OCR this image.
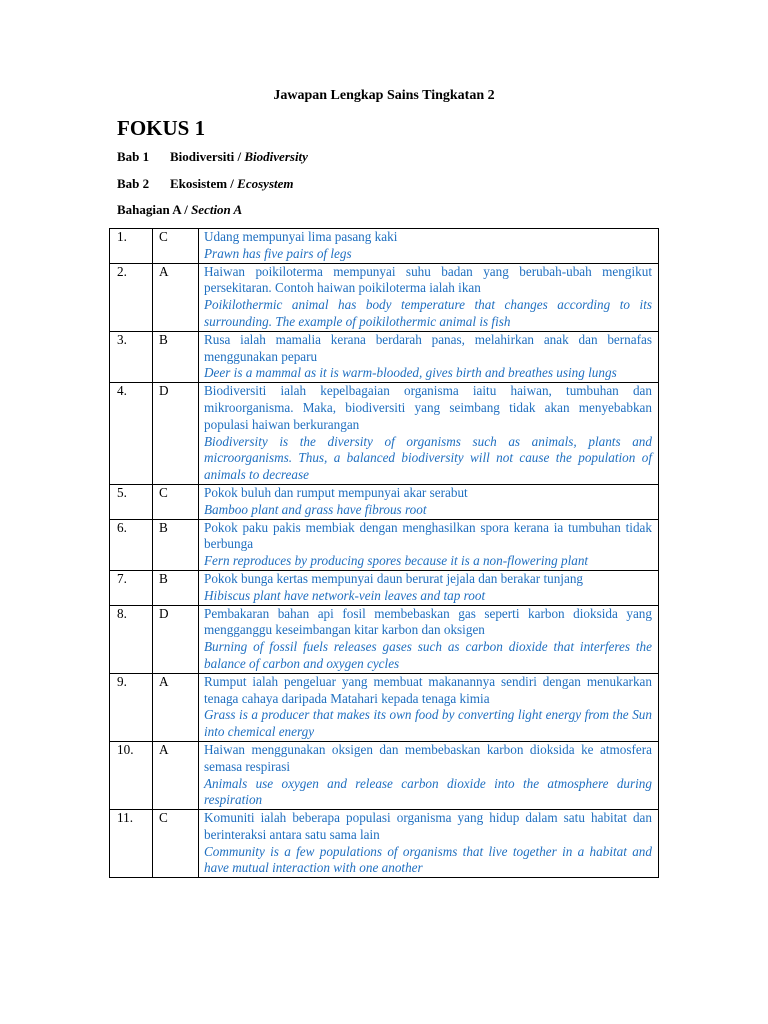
Jawapan Lengkap Sains Tingkatan 2
FOKUS 1
Bab 1 Biodiversiti / Biodiversity
Bab 2 Ekosistem / Ecosystem
Bahagian A / Section A
1.	C	Udang mempunyai lima pasang kaki
Prawn has five pairs of legs

2.	A	Haiwan poikiloterma mempunyai suhu badan yang berubah-ubah mengikut persekitaran. Contoh haiwan poikiloterma ialah ikan
Poikilothermic animal has body temperature that changes according to its surrounding. The example of poikilothermic animal is fish

3.	B	Rusa ialah mamalia kerana berdarah panas, melahirkan anak dan bernafas menggunakan peparu
Deer is a mammal as it is warm-blooded, gives birth and breathes using lungs

4.	D	Biodiversiti ialah kepelbagaian organisma iaitu haiwan, tumbuhan dan mikroorganisma. Maka, biodiversiti yang seimbang tidak akan menyebabkan populasi haiwan berkurangan
Biodiversity is the diversity of organisms such as animals, plants and microorganisms. Thus, a balanced biodiversity will not cause the population of animals to decrease

5.	C	Pokok buluh dan rumput mempunyai akar serabut
Bamboo plant and grass have fibrous root

6.	B	Pokok paku pakis membiak dengan menghasilkan spora kerana ia tumbuhan tidak berbunga
Fern reproduces by producing spores because it is a non-flowering plant

7.	B	Pokok bunga kertas mempunyai daun berurat jejala dan berakar tunjang
Hibiscus plant have network-vein leaves and tap root

8.	D	Pembakaran bahan api fosil membebaskan gas seperti karbon dioksida yang mengganggu keseimbangan kitar karbon dan oksigen
Burning of fossil fuels releases gases such as carbon dioxide that interferes the balance of carbon and oxygen cycles

9.	A	Rumput ialah pengeluar yang membuat makanannya sendiri dengan menukarkan tenaga cahaya daripada Matahari kepada tenaga kimia
Grass is a producer that makes its own food by converting light energy from the Sun into chemical energy

10.	A	Haiwan menggunakan oksigen dan membebaskan karbon dioksida ke atmosfera semasa respirasi
Animals use oxygen and release carbon dioxide into the atmosphere during respiration

11.	C	Komuniti ialah beberapa populasi organisma yang hidup dalam satu habitat dan berinteraksi antara satu sama lain
Community is a few populations of organisms that live together in a habitat and have mutual interaction with one another
